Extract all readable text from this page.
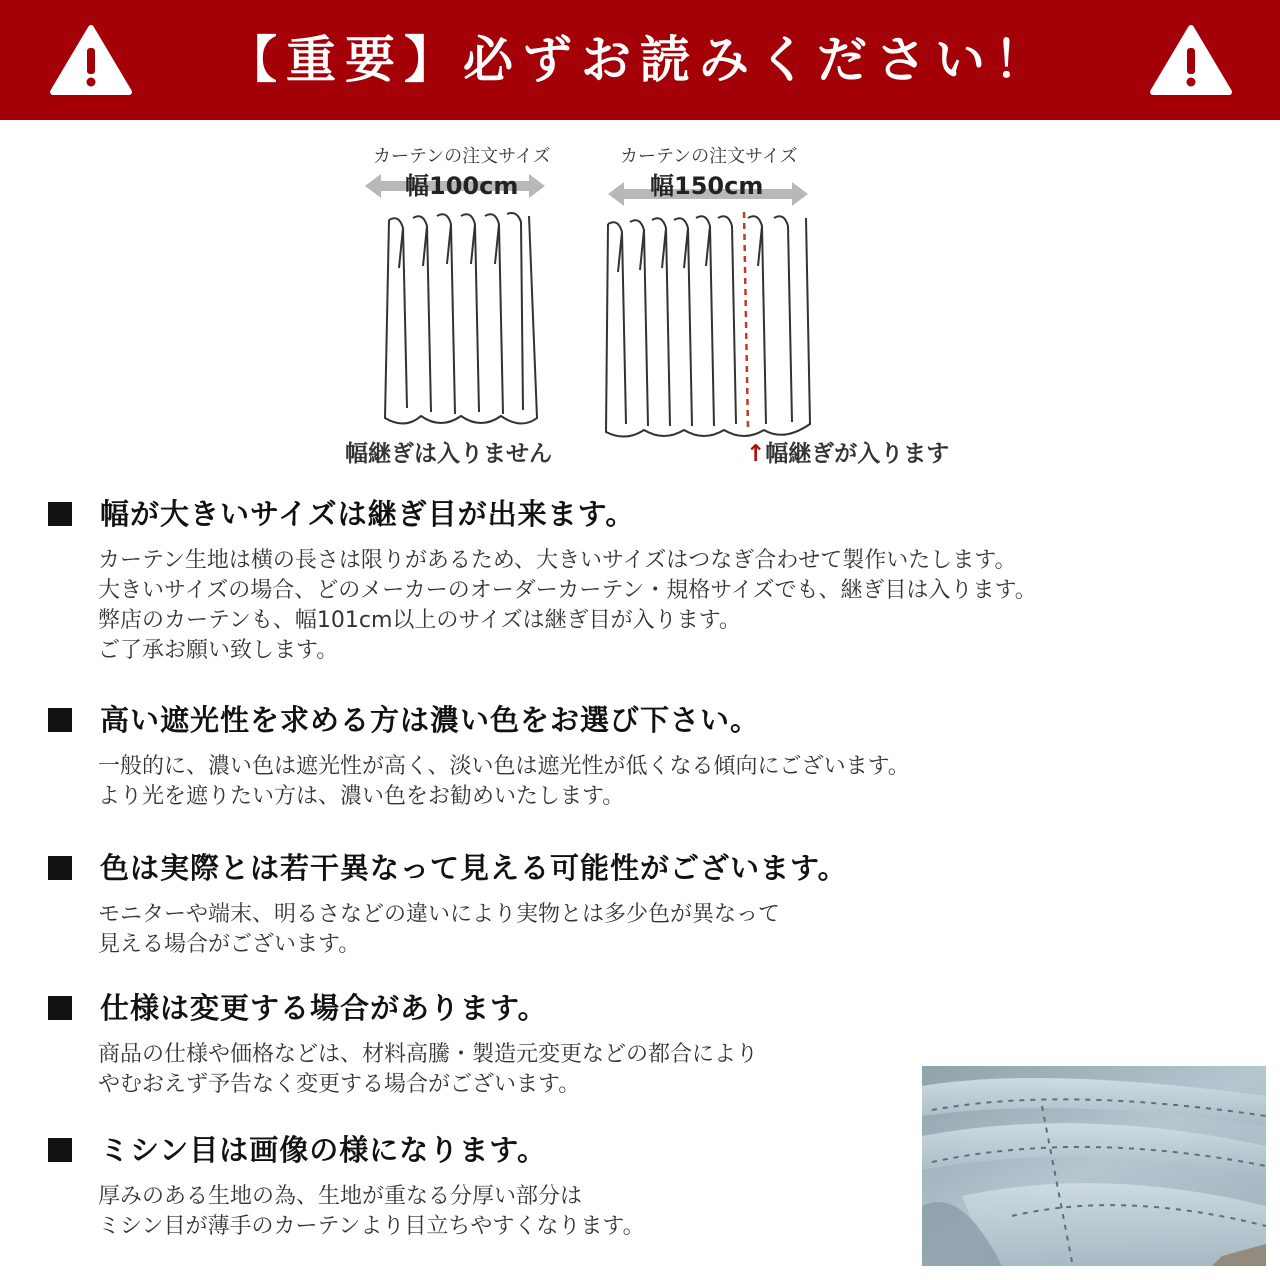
【重要】必ずお読みください！
カーテンの注文サイズ
幅100cm
幅継ぎは入りません
カーテンの注文サイズ
幅150cm
↑幅継ぎが入ります
幅が大きいサイズは継ぎ目が出来ます。
カーテン生地は横の長さは限りがあるため、大きいサイズはつなぎ合わせて製作いたします。
大きいサイズの場合、どのメーカーのオーダーカーテン・規格サイズでも、継ぎ目は入ります。
弊店のカーテンも、幅101cm以上のサイズは継ぎ目が入ります。
ご了承お願い致します。
高い遮光性を求める方は濃い色をお選び下さい。
一般的に、濃い色は遮光性が高く、淡い色は遮光性が低くなる傾向にございます。
より光を遮りたい方は、濃い色をお勧めいたします。
色は実際とは若干異なって見える可能性がございます。
モニターや端末、明るさなどの違いにより実物とは多少色が異なって
見える場合がございます。
仕様は変更する場合があります。
商品の仕様や価格などは、材料高騰・製造元変更などの都合により
やむおえず予告なく変更する場合がございます。
ミシン目は画像の様になります。
厚みのある生地の為、生地が重なる分厚い部分は
ミシン目が薄手のカーテンより目立ちやすくなります。
